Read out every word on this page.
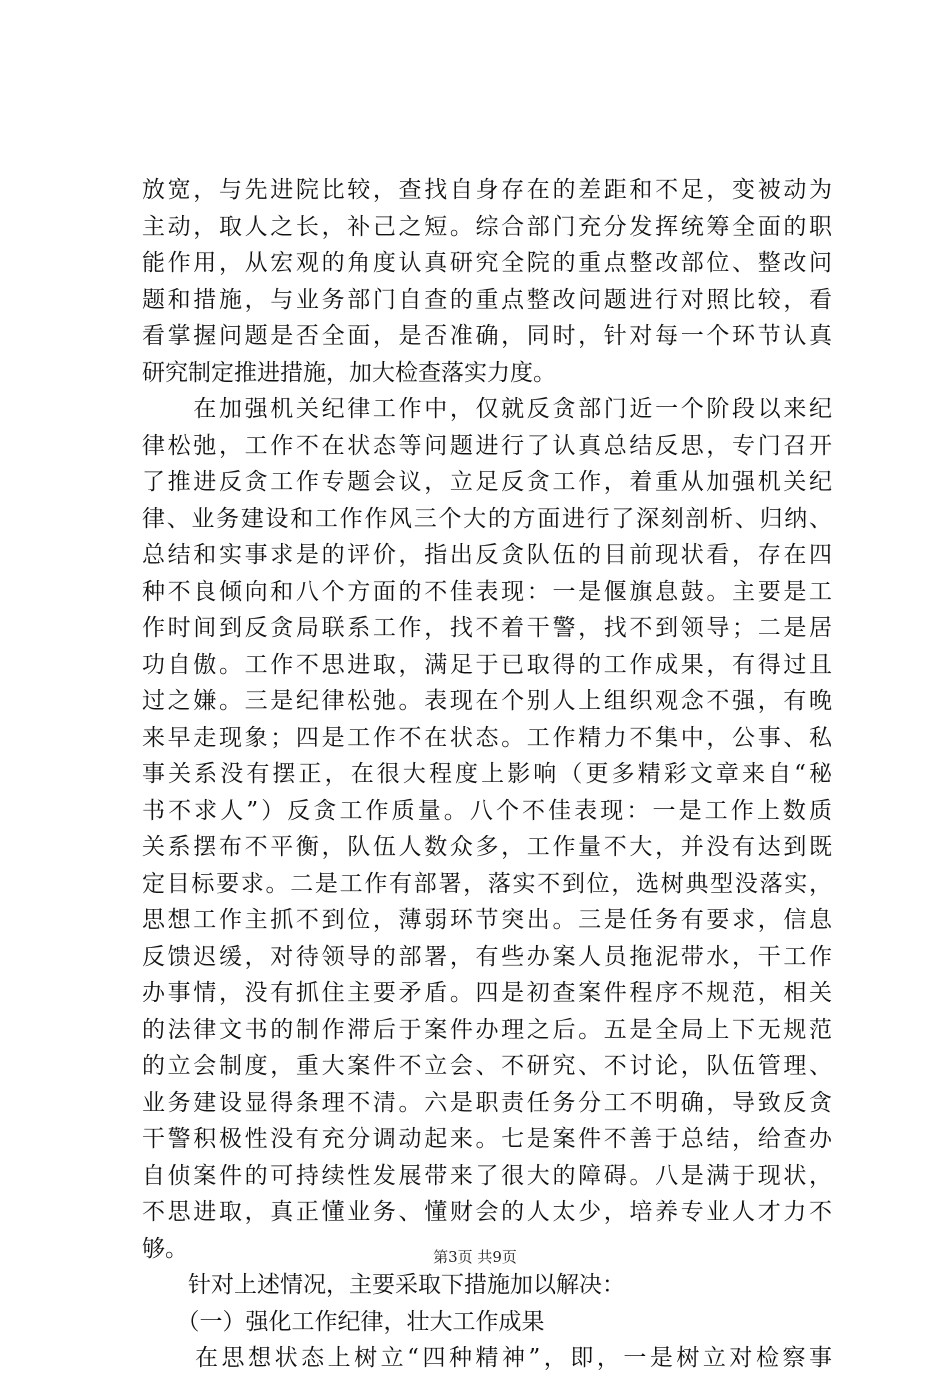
放宽，与先进院比较，查找自身存在的差距和不足，变被动为
主动，取人之长，补己之短。综合部门充分发挥统筹全面的职
能作用，从宏观的角度认真研究全院的重点整改部位、整改问
题和措施，与业务部门自查的重点整改问题进行对照比较，看
看掌握问题是否全面，是否准确，同时，针对每一个环节认真
研究制定推进措施，加大检查落实力度。
　　在加强机关纪律工作中，仅就反贪部门近一个阶段以来纪
律松弛，工作不在状态等问题进行了认真总结反思，专门召开
了推进反贪工作专题会议，立足反贪工作，着重从加强机关纪
律、业务建设和工作作风三个大的方面进行了深刻剖析、归纳、
总结和实事求是的评价，指出反贪队伍的目前现状看，存在四
种不良倾向和八个方面的不佳表现：一是偃旗息鼓。主要是工
作时间到反贪局联系工作，找不着干警，找不到领导；二是居
功自傲。工作不思进取，满足于已取得的工作成果，有得过且
过之嫌。三是纪律松弛。表现在个别人上组织观念不强，有晚
来早走现象；四是工作不在状态。工作精力不集中，公事、私
事关系没有摆正，在很大程度上影响（更多精彩文章来自“秘
书不求人”）反贪工作质量。八个不佳表现：一是工作上数质
关系摆布不平衡，队伍人数众多，工作量不大，并没有达到既
定目标要求。二是工作有部署，落实不到位，选树典型没落实，
思想工作主抓不到位，薄弱环节突出。三是任务有要求，信息
反馈迟缓，对待领导的部署，有些办案人员拖泥带水，干工作
办事情，没有抓住主要矛盾。四是初查案件程序不规范，相关
的法律文书的制作滞后于案件办理之后。五是全局上下无规范
的立会制度，重大案件不立会、不研究、不讨论，队伍管理、
业务建设显得条理不清。六是职责任务分工不明确，导致反贪
干警积极性没有充分调动起来。七是案件不善于总结，给查办
自侦案件的可持续性发展带来了很大的障碍。八是满于现状，
不思进取，真正懂业务、懂财会的人太少，培养专业人才力不
够。
　　针对上述情况，主要采取下措施加以解决：
　　（一）强化工作纪律，壮大工作成果
　　在思想状态上树立“四种精神”，即，一是树立对检察事
第3页 共9页
